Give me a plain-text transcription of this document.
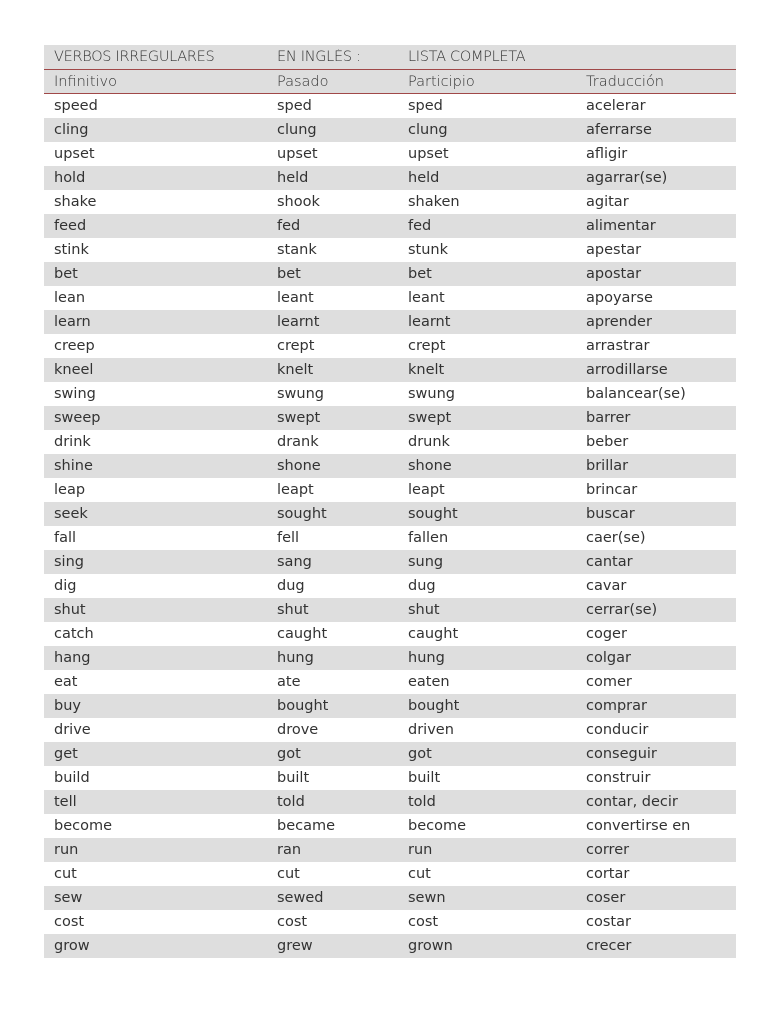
VERBOS IRREGULARES	EN INGLÉS :	LISTA COMPLETA
Infinitivo	Pasado	Participio	Traducción
speed	sped	sped	acelerar
cling	clung	clung	aferrarse
upset	upset	upset	afligir
hold	held	held	agarrar(se)
shake	shook	shaken	agitar
feed	fed	fed	alimentar
stink	stank	stunk	apestar
bet	bet	bet	apostar
lean	leant	leant	apoyarse
learn	learnt	learnt	aprender
creep	crept	crept	arrastrar
kneel	knelt	knelt	arrodillarse
swing	swung	swung	balancear(se)
sweep	swept	swept	barrer
drink	drank	drunk	beber
shine	shone	shone	brillar
leap	leapt	leapt	brincar
seek	sought	sought	buscar
fall	fell	fallen	caer(se)
sing	sang	sung	cantar
dig	dug	dug	cavar
shut	shut	shut	cerrar(se)
catch	caught	caught	coger
hang	hung	hung	colgar
eat	ate	eaten	comer
buy	bought	bought	comprar
drive	drove	driven	conducir
get	got	got	conseguir
build	built	built	construir
tell	told	told	contar, decir
become	became	become	convertirse en
run	ran	run	correr
cut	cut	cut	cortar
sew	sewed	sewn	coser
cost	cost	cost	costar
grow	grew	grown	crecer
